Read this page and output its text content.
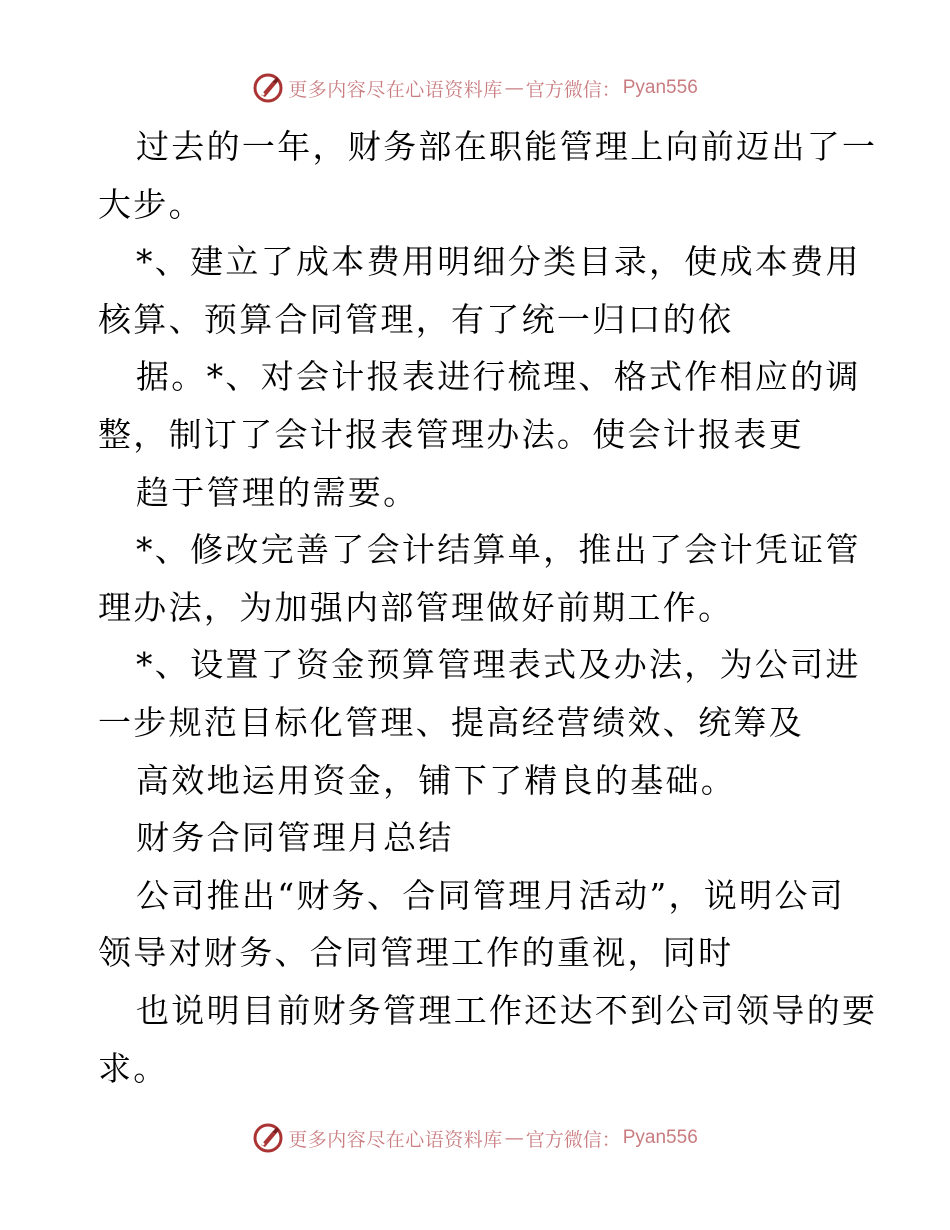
更多内容尽在心语资料库 — 官方微信： Pyan556
过去的一年，财务部在职能管理上向前迈出了一
大步。
*、建立了成本费用明细分类目录，使成本费用
核算、预算合同管理，有了统一归口的依
据。*、对会计报表进行梳理、格式作相应的调
整，制订了会计报表管理办法。使会计报表更
趋于管理的需要。
*、修改完善了会计结算单，推出了会计凭证管
理办法，为加强内部管理做好前期工作。
*、设置了资金预算管理表式及办法，为公司进
一步规范目标化管理、提高经营绩效、统筹及
高效地运用资金，铺下了精良的基础。
财务合同管理月总结
公司推出“财务、合同管理月活动”，说明公司
领导对财务、合同管理工作的重视，同时
也说明目前财务管理工作还达不到公司领导的要
求。
更多内容尽在心语资料库 — 官方微信： Pyan556
